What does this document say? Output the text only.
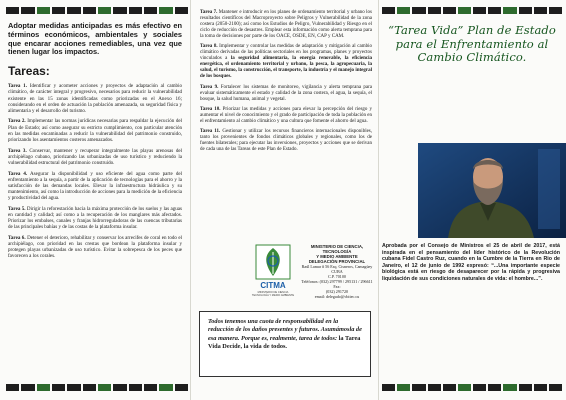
Adoptar medidas anticipadas es más efectivo en términos económicos, ambientales y sociales que encarar acciones remediables, una vez que tienen lugar los impactos.
Tareas:

Tarea 1. Identificar y acometer acciones y proyectos de adaptación al cambio climático, de carácter integral y progresivo, necesarios para reducir la vulnerabilidad existente en las 15 zonas identificadas como priorizadas en el Anexo 16; considerando en el orden de actuación la población amenazada, su seguridad física y alimentaria y el desarrollo del turismo.

Tarea 2. Implementar las normas jurídicas necesarias para respaldar la ejecución del Plan de Estado; así como asegurar su estricto cumplimiento, con particular atención en las medidas encaminadas a reducir la vulnerabilidad del patrimonio construido, priorizando los asentamientos costeros amenazados.

Tarea 3. Conservar, mantener y recuperar integralmente las playas arenosas del archipiélago cubano, priorizando las urbanizadas de uso turístico y reduciendo la vulnerabilidad estructural del patrimonio construido.

Tarea 4. Asegurar la disponibilidad y uso eficiente del agua como parte del enfrentamiento a la sequía, a partir de la aplicación de tecnologías para el ahorro y la satisfacción de las demandas locales. Elevar la infraestructura hidráulica y su mantenimiento, así como la introducción de acciones para la medición de la eficiencia y productividad del agua.

Tarea 5. Dirigir la reforestación hacia la máxima protección de los suelos y las aguas en cantidad y calidad; así como a la recuperación de los manglares más afectados. Priorizar los embalses, canales y franjas hidrorreguladoras de las cuencas tributarias de las principales bahías y de las costas de la plataforma insular.

Tarea 6. Detener el deterioro, rehabilitar y conservar los arrecifes de coral en todo el archipiélago, con prioridad en las crestas que bordean la plataforma insular y protegen playas urbanizadas de uso turístico. Evitar la sobrepesca de los peces que favorecen a los corales.

Tarea 7. Mantener e introducir en los planes de ordenamiento territorial y urbano los resultados científicos del Macroproyecto sobre Peligros y Vulnerabilidad de la zona costera (2050-2100); así como los Estudios de Peligro, Vulnerabilidad y Riesgo en el ciclo de reducción de desastres. Emplear esta información como alerta temprana para la toma de decisiones por parte de los OACE, OSDE, EN, CAP y CAM.

Tarea 8. Implementar y controlar las medidas de adaptación y mitigación al cambio climático derivadas de las políticas sectoriales en los programas, planes y proyectos vinculados a la seguridad alimentaria, la energía renovable, la eficiencia energética, el ordenamiento territorial y urbano, la pesca, la agropecuaria, la salud, el turismo, la construcción, el transporte, la industria y el manejo integral de los bosques.

Tarea 9. Fortalecer los sistemas de monitoreo, vigilancia y alerta temprana para evaluar sistemáticamente el estado y calidad de la zona costera, el agua, la sequía, el bosque, la salud humana, animal y vegetal.

Tarea 10. Priorizar las medidas y acciones para elevar la percepción del riesgo y aumentar el nivel de conocimiento y el grado de participación de toda la población en el enfrentamiento al cambio climático y una cultura que fomente el ahorro del agua.

Tarea 11. Gestionar y utilizar los recursos financieros internacionales disponibles, tanto los provenientes de fondos climáticos globales y regionales, como los de fuentes bilaterales; para ejecutar las inversiones, proyectos y acciones que se derivan de cada una de las Tareas de este Plan de Estado.

CITMA
MINISTERIO DE CIENCIA TECNOLOGÍA Y MEDIO AMBIENTE
MINISTERIO DE CIENCIA, TECNOLOGÍA
Y MEDIO AMBIENTE
DELEGACIÓN PROVINCIAL
Raúl Lamar # 56 Esq. Cisneros, Camagüey CUBA
C.P. 70100
Teléfonos: (032) 297799 / 295131 / 296611 Fax:
(032) 291720
email: delegado@cbitec.cu

Todos tenemos una cuota de responsabilidad en la reducción de los daños presentes y futuros. Asumámosla de esa manera. Porque es, realmente, tarea de todos: la Tarea Vida Decide, la vida de todos.

“Tarea Vida” Plan de Estado para el Enfrentamiento al Cambio Climático.
Aprobada por el Consejo de Ministros el 25 de abril de 2017, está inspirada en el pensamiento del líder histórico de la Revolución cubana Fidel Castro Ruz, cuando en la Cumbre de la Tierra en Rio de Janeiro, el 12 de junio de 1992 expresó: “...Una importante especie biológica está en riesgo de desaparecer por la rápida y progresiva liquidación de sus condiciones naturales de vida: el hombre...”.
